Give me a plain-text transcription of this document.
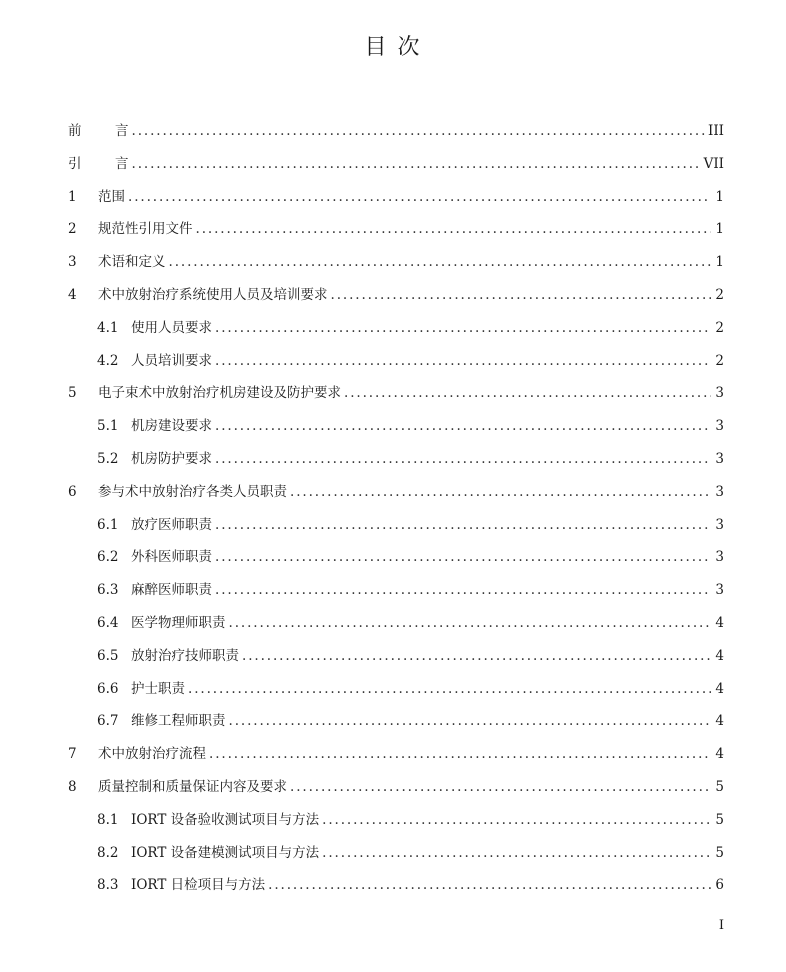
目 次
前	言 .....	III
引	言 .....	VII
1	范围 .....	1
2	规范性引用文件 .....	1
3	术语和定义 .....	1
4	术中放射治疗系统使用人员及培训要求 .....	2
4.1 使用人员要求 .....	2
4.2 人员培训要求 .....	2
5	电子束术中放射治疗机房建设及防护要求 .....	3
5.1 机房建设要求 .....	3
5.2 机房防护要求 .....	3
6	参与术中放射治疗各类人员职责 .....	3
6.1 放疗医师职责 .....	3
6.2 外科医师职责 .....	3
6.3 麻醉医师职责 .....	3
6.4 医学物理师职责 .....	4
6.5 放射治疗技师职责 .....	4
6.6 护士职责 .....	4
6.7 维修工程师职责 .....	4
7	术中放射治疗流程 .....	4
8	质量控制和质量保证内容及要求 .....	5
8.1 IORT 设备验收测试项目与方法 .....	5
8.2 IORT 设备建模测试项目与方法 .....	5
8.3 IORT 日检项目与方法 .....	6
I
